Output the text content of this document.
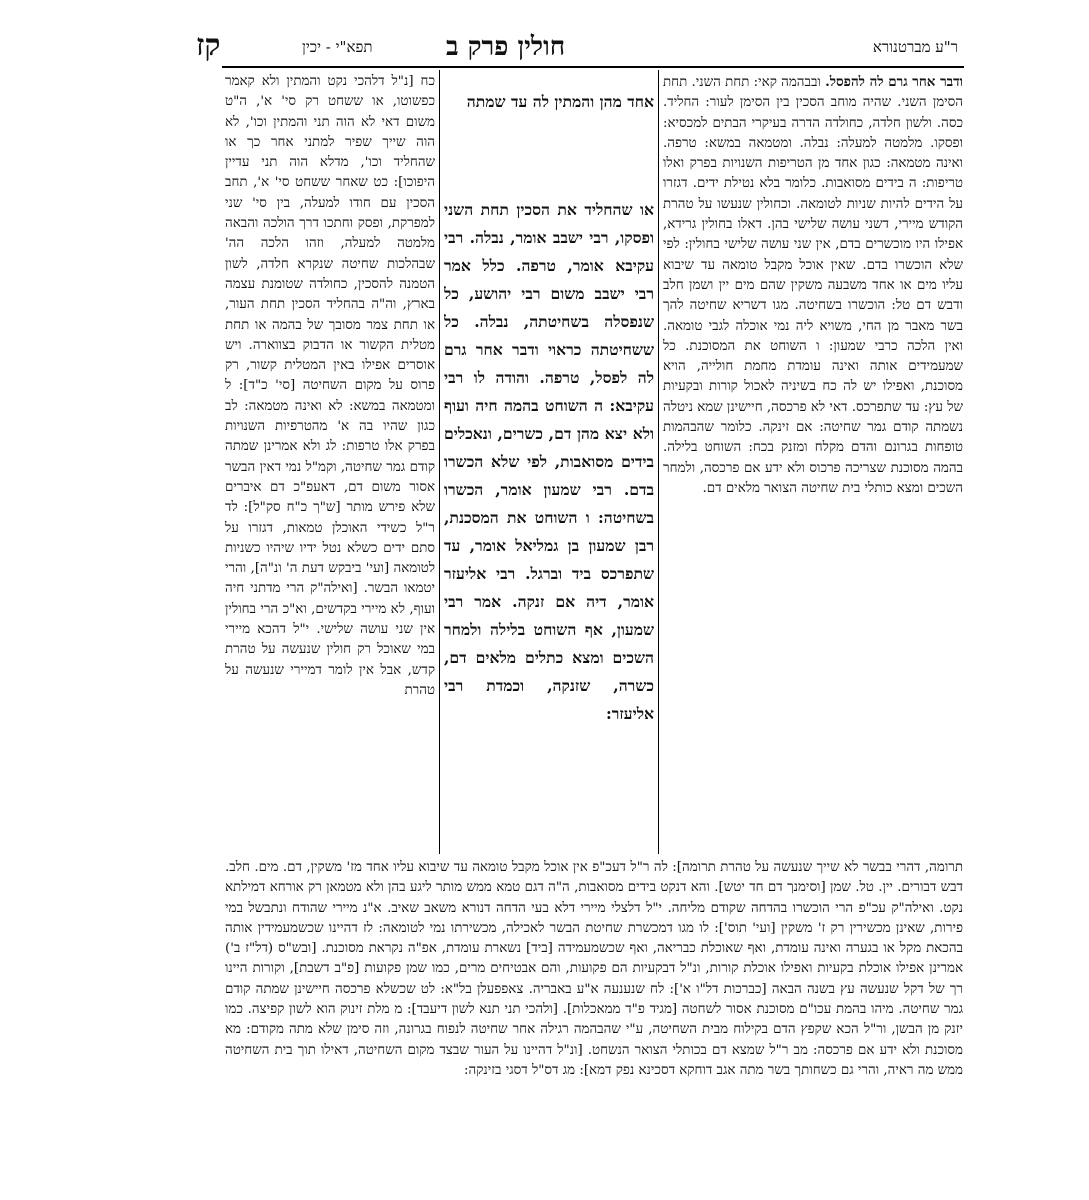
ר"ע מברטנורא
חולין פרק ב
תפא"י - יכין
קז

ודבר אחר גרם לה להפסל. ובבהמה קאי: תחת השני. תחת הסימן השני. שהיה מוחב הסכין בין הסימן לעור: החליד. כסה. ולשון חלדה, כחולדה הדרה בעיקרי הבתים למכסיא: ופסקו. מלמטה למעלה: נבלה. ומטמאה במשא: טרפה. ואינה מטמאה: כגון אחד מן הטריפות השנויות בפרק ואלו טריפות: ה בידים מסואבות. כלומר בלא נטילת ידים. דגזרו על הידים להיות שניות לטומאה. וכחולין שנעשו על טהרת הקודש מיירי, דשני עושה שלישי בהן. דאלו בחולין גרידא, אפילו היו מוכשרים בדם, אין שני עושה שלישי בחולין: לפי שלא הוכשרו בדם. שאין אוכל מקבל טומאה עד שיבוא עליו מים או אחד משבעה משקין שהם מים יין ושמן חלב ודבש דם טל: הוכשרו בשחיטה. מגו דשריא שחיטה להך בשר מאבר מן החי, משויא ליה נמי אוכלה לגבי טומאה. ואין הלכה כרבי שמעון: ו השוחט את המסוכנת. כל שמעמידים אותה ואינה עומדת מחמת חולייה, הויא מסוכנת, ואפילו יש לה כח בשיניה לאכול קורות ובקעיות של עץ: עד שתפרכס. דאי לא פרכסה, חיישינן שמא ניטלה נשמתה קודם גמר שחיטה: אם זינקה. כלומר שהבהמות טופחות בגרונם והדם מקלח ומזנק בכח: השוחט בלילה. בהמה מסוכנת שצריכה פרכוס ולא ידע אם פרכסה, ולמחר השכים ומצא כותלי בית שחיטה הצואר מלאים דם.

אחד מהן והמתין לה עד שמתה

או שהחליד את הסכין תחת השני ופסקו, רבי ישבב אומר, נבלה. רבי עקיבא אומר, טרפה. כלל אמר רבי ישבב משום רבי יהושע, כל שנפסלה בשחיטתה, נבלה. כל ששחיטתה כראוי ודבר אחר גרם לה לפסל, טרפה. והודה לו רבי עקיבא: ה השוחט בהמה חיה ועוף ולא יצא מהן דם, כשרים, ונאכלים בידים מסואבות, לפי שלא הכשרו בדם. רבי שמעון אומר, הכשרו בשחיטה: ו השוחט את המסכנת, רבן שמעון בן גמליאל אומר, עד שתפרכס ביד וברגל. רבי אליעזר אומר, דיה אם זנקה. אמר רבי שמעון, אף השוחט בלילה ולמחר השכים ומצא כתלים מלאים דם, כשרה, שזנקה, וכמדת רבי אליעזר:

כח [נ"ל דלהכי נקט והמתין ולא קאמר כפשוטו, או ששחט רק סי' א', ה"ט משום דאי לא הוה תני והמתין וכו', לא הוה שייך שפיר למתני אחר כך או שהחליד וכו', מדלא הוה תני עדיין היפוכו]: כט שאחר ששחט סי' א', תחב הסכין עם חודו למעלה, בין סי' שני למפרקת, ופסק וחתכו דרך הולכה והבאה מלמטה למעלה, וזהו הלכה הה' שבהלכות שחיטה שנקרא חלדה, לשון הטמנה להסכין, כחולדה שטומנת עצמה בארץ, וה"ה בהחליד הסכין תחת העור, או תחת צמר מסובך של בהמה או תחת מטלית הקשור או הדבוק בצווארה. ויש אוסרים אפילו באין המטלית קשור, רק פרוס על מקום השחיטה [סי' כ"ד]: ל ומטמאה במשא: לא ואינה מטמאה: לב כגון שהיו בה א' מהטרפיות השנויות בפרק אלו טרפות: לג ולא אמרינן שמתה קודם גמר שחיטה, וקמ"ל נמי דאין הבשר אסור משום דם, דאעפ"כ דם איברים שלא פירש מותר [ש"ך כ"ח סק"ל]: לד ר"ל כשידי האוכלן טמאות, דגזרו על סתם ידים כשלא נטל ידיו שיהיו כשניות לטומאה [ועי' ביבקש דעת ה' ונ"ה], והרי יטמאו הבשר. [ואילה"ק הרי מדתני חיה ועוף, לא מיירי בקדשים, וא"כ הרי בחולין אין שני עושה שלישי. י"ל דהכא מיירי במי שאוכל רק חולין שנעשה על טהרת קדש, אבל אין לומר דמיירי שנעשה על טהרת

תרומה, דהרי בבשר לא שייך שנעשה על טהרת תרומה]: לה ר"ל דעכ"פ אין אוכל מקבל טומאה עד שיבוא עליו אחד מז' משקין, דם. מים. חלב. דבש דבורים. יין. טל. שמן [וסימנך דם חד יטש]. והא דנקט בידים מסואבות, ה"ה דגם טמא ממש מותר ליגע בהן ולא מטמאן רק אורחא דמילתא נקט. ואילה"ק עכ"פ הרי הוכשרו בהדחה שקודם מליחה. י"ל דלצלי מיירי דלא בעי הדחה דנורא משאב שאיב. א"נ מיירי שהודח ונתבשל במי פירות, שאינן מכשירין רק ז' משקין [ועי' תוס']: לו מגו דמכשרת שחיטת הבשר לאכילה, מכשירתו נמי לטומאה: לז דהיינו שכשמעמידין אותה בהכאת מקל או בגערה ואינה עומדת, ואף שאוכלת כבריאה, ואף שכשמעמידה [ביד] נשארת עומדת, אפ"ה נקראת מסוכנת. [ובש"ס (דל"ז ב') אמרינן אפילו אוכלת בקעיות ואפילו אוכלת קורות, ונ"ל דבקעיות הם פקועות, והם אבטיחים מרים, כמו שמן פקועות [פ"ב דשבת], וקורות היינו רך של דקל שנעשה עץ בשנה הבאה [כברכות דל"ו א']: לח שנענעה א"ע באבריה. צאפפעלן בל"א: לט שכשלא פרכסה חיישינן שמתה קודם גמר שחיטה. מיהו בהמת עכו"ם מסוכנת אסור לשחטה [מגיד פ"ד ממאכלות]. [ולהכי תני תנא לשון דיעבד]: מ מלת זינוק הוא לשון קפיצה. כמו יזנק מן הבשן, ור"ל הכא שקפץ הדם בקילוח מבית השחיטה, ע"י שהבהמה רגילה אחר שחיטה לנפוח בגרונה, וזה סימן שלא מתה מקודם: מא מסוכנת ולא ידע אם פרכסה: מב ר"ל שמצא דם בכותלי הצואר הנשחט. [ונ"ל דהיינו על העור שבצד מקום השחיטה, דאילו תוך בית השחיטה ממש מה ראיה, והרי גם כשחותך בשר מתה אגב דוחקא דסכינא נפק דמא]: מג דס"ל דסגי בזינקה:
